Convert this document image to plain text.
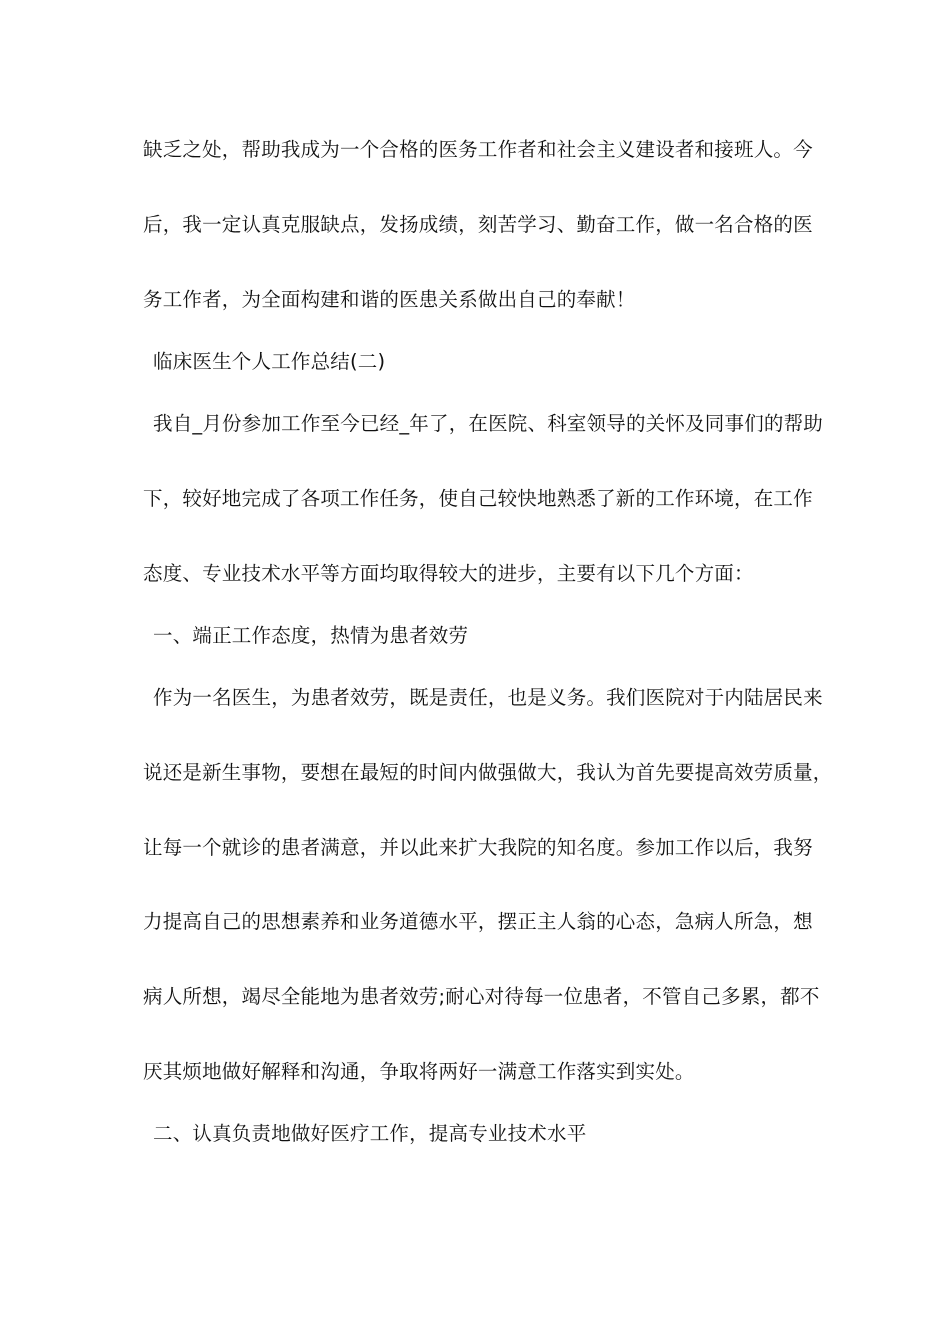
缺乏之处，帮助我成为一个合格的医务工作者和社会主义建设者和接班人。今
后，我一定认真克服缺点，发扬成绩，刻苦学习、勤奋工作，做一名合格的医
务工作者，为全面构建和谐的医患关系做出自己的奉献！
临床医生个人工作总结(二)
我自_月份参加工作至今已经_年了，在医院、科室领导的关怀及同事们的帮助
下，较好地完成了各项工作任务，使自己较快地熟悉了新的工作环境，在工作
态度、专业技术水平等方面均取得较大的进步，主要有以下几个方面：
一、端正工作态度，热情为患者效劳
作为一名医生，为患者效劳，既是责任，也是义务。我们医院对于内陆居民来
说还是新生事物，要想在最短的时间内做强做大，我认为首先要提高效劳质量，
让每一个就诊的患者满意，并以此来扩大我院的知名度。参加工作以后，我努
力提高自己的思想素养和业务道德水平，摆正主人翁的心态，急病人所急，想
病人所想，竭尽全能地为患者效劳;耐心对待每一位患者，不管自己多累，都不
厌其烦地做好解释和沟通，争取将两好一满意工作落实到实处。
二、认真负责地做好医疗工作，提高专业技术水平
